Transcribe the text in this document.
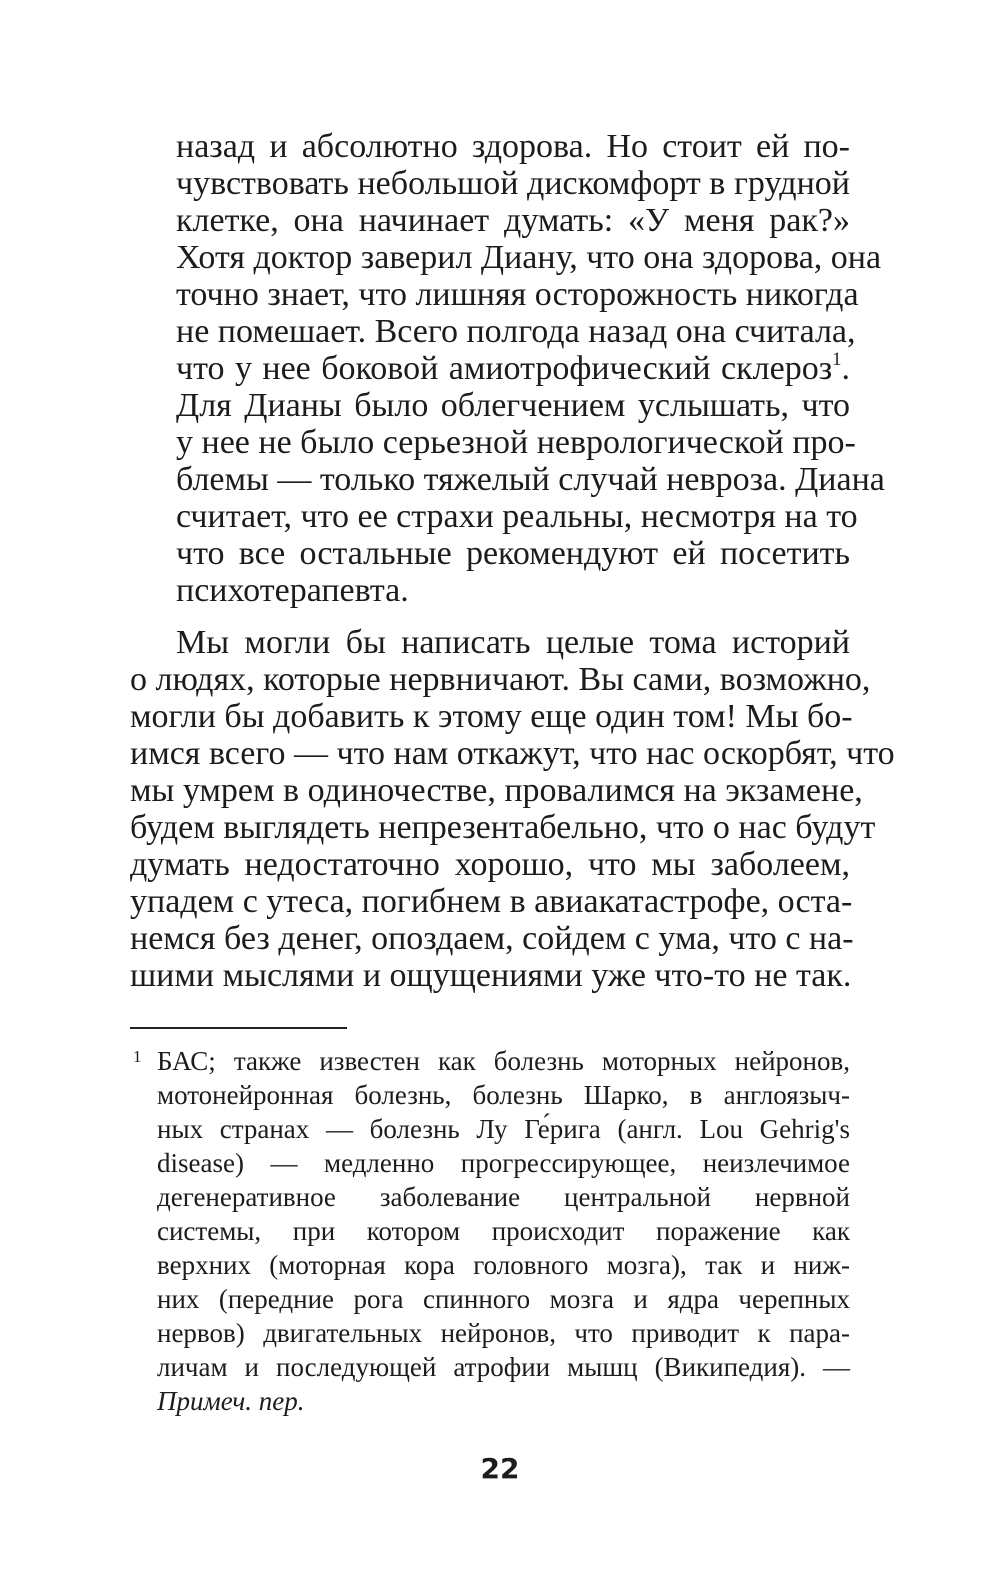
назад и абсолютно здорова. Но стоит ей по-
чувствовать небольшой дискомфорт в грудной
клетке, она начинает думать: «У меня рак?»
Хотя доктор заверил Диану, что она здорова, она
точно знает, что лишняя осторожность никогда
не помешает. Всего полгода назад она считала,
что у нее боковой амиотрофический склероз$^1$.
Для Дианы было облегчением услышать, что
у нее не было серьезной неврологической про-
блемы — только тяжелый случай невроза. Диана
считает, что ее страхи реальны, несмотря на то
что все остальные рекомендуют ей посетить
психотерапевта.
Мы могли бы написать целые тома историй
о людях, которые нервничают. Вы сами, возможно,
могли бы добавить к этому еще один том! Мы бо-
имся всего — что нам откажут, что нас оскорбят, что
мы умрем в одиночестве, провалимся на экзамене,
будем выглядеть непрезентабельно, что о нас будут
думать недостаточно хорошо, что мы заболеем,
упадем с утеса, погибнем в авиакатастрофе, оста-
немся без денег, опоздаем, сойдем с ума, что с на-
шими мыслями и ощущениями уже что-то не так.
1 БАС; также известен как болезнь моторных нейронов,
мотонейронная болезнь, болезнь Шарко, в англоязыч-
ных странах — болезнь Лу Ге́рига (англ. Lou Gehrig's
disease) — медленно прогрессирующее, неизлечимое
дегенеративное заболевание центральной нервной
системы, при котором происходит поражение как
верхних (моторная кора головного мозга), так и ниж-
них (передние рога спинного мозга и ядра черепных
нервов) двигательных нейронов, что приводит к пара-
личам и последующей атрофии мышц (Википедия). —
Примеч. пер.
22
